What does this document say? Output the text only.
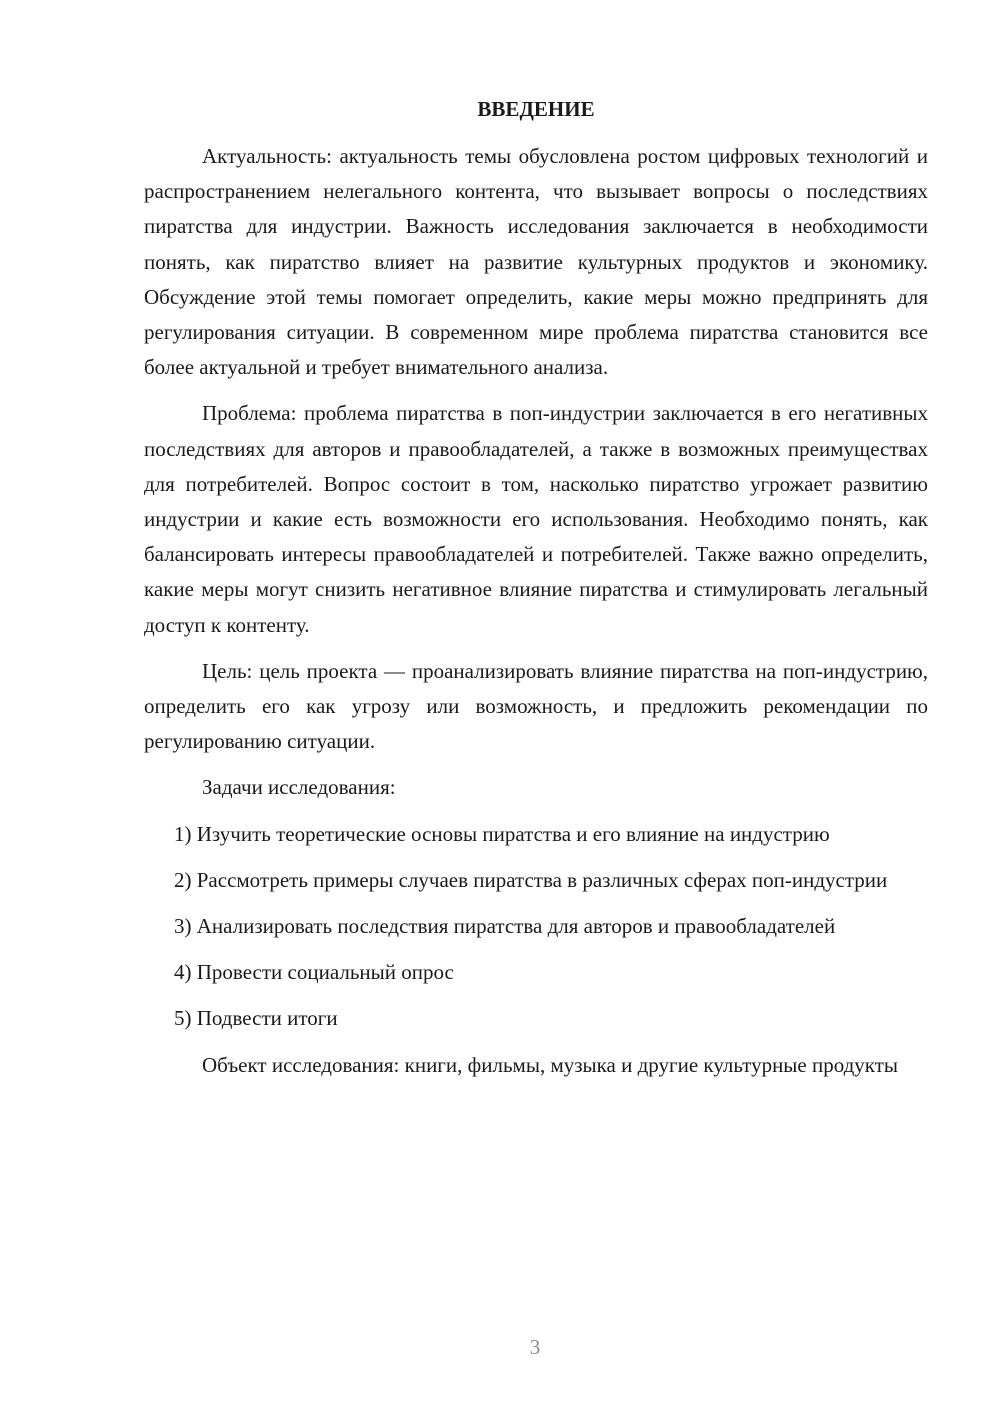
ВВЕДЕНИЕ

Актуальность: актуальность темы обусловлена ростом цифровых технологий и распространением нелегального контента, что вызывает вопросы о последствиях пиратства для индустрии. Важность исследования заключается в необходимости понять, как пиратство влияет на развитие культурных продуктов и экономику. Обсуждение этой темы помогает определить, какие меры можно предпринять для регулирования ситуации. В современном мире проблема пиратства становится все более актуальной и требует внимательного анализа.

Проблема: проблема пиратства в поп-индустрии заключается в его негативных последствиях для авторов и правообладателей, а также в возможных преимуществах для потребителей. Вопрос состоит в том, насколько пиратство угрожает развитию индустрии и какие есть возможности его использования. Необходимо понять, как балансировать интересы правообладателей и потребителей. Также важно определить, какие меры могут снизить негативное влияние пиратства и стимулировать легальный доступ к контенту.

Цель: цель проекта — проанализировать влияние пиратства на поп-индустрию, определить его как угрозу или возможность, и предложить рекомендации по регулированию ситуации.

Задачи исследования:

1) Изучить теоретические основы пиратства и его влияние на индустрию

2) Рассмотреть примеры случаев пиратства в различных сферах поп-индустрии

3) Анализировать последствия пиратства для авторов и правообладателей

4) Провести социальный опрос

5) Подвести итоги

Объект исследования: книги, фильмы, музыка и другие культурные продукты

3
